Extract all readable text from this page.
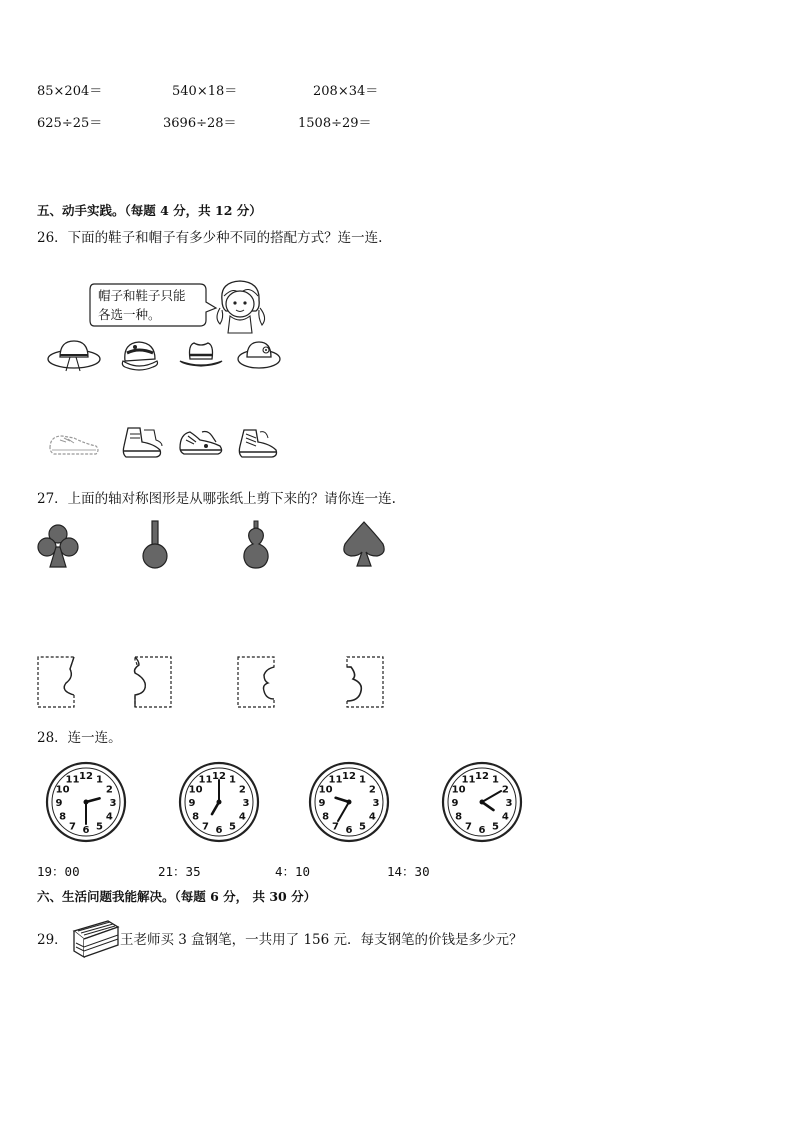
85×204＝	540×18＝	208×34＝
625÷25＝	3696÷28＝	1508÷29＝
五、动手实践。（每题 4 分，共 12 分）
26．下面的鞋子和帽子有多少种不同的搭配方式？连一连.
帽子和鞋子只能
各选一种。
27．上面的轴对称图形是从哪张纸上剪下来的？请你连一连.
28．连一连。
1
2
3
4
5
6
7
8
9
10
11 12	1
2
3
4
5
6
7
8
9
10
11 12	1
2
3
4
5
6
7
8
9
10
11 12	1
2
3
4
5
6
7
8
9
10
11 12
19：00	21：35	4：10	14：30
六、生活问题我能解决。（每题 6 分， 共 30 分）
29．	王老师买 3 盒钢笔，一共用了 156 元．每支钢笔的价钱是多少元？
